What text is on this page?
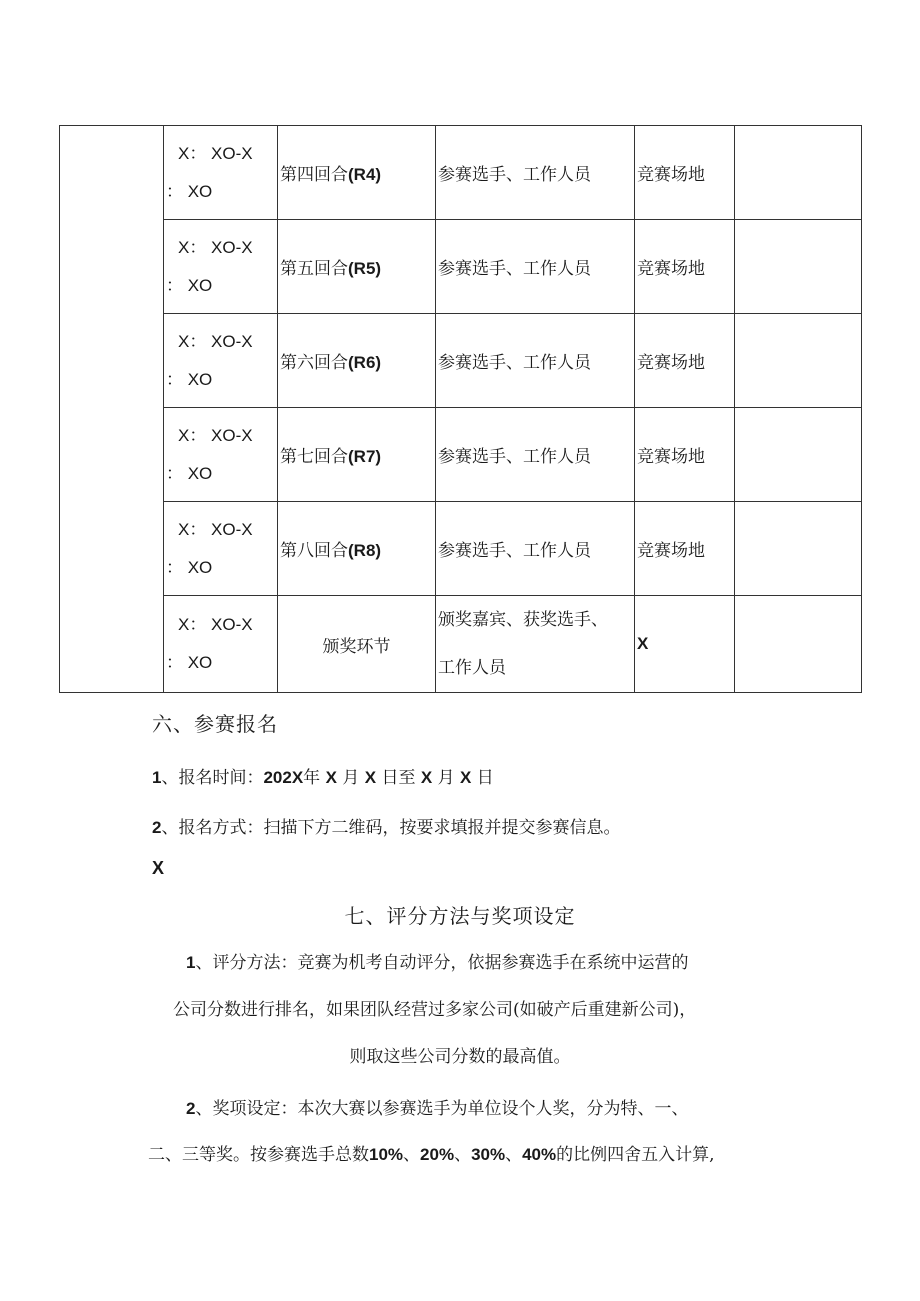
	X： XO-X
： XO	第四回合(R4)	参赛选手、工作人员	竞赛场地	

	X： XO-X
： XO	第五回合(R5)	参赛选手、工作人员	竞赛场地	

	X： XO-X
： XO	第六回合(R6)	参赛选手、工作人员	竞赛场地	

	X： XO-X
： XO	第七回合(R7)	参赛选手、工作人员	竞赛场地	

	X： XO-X
： XO	第八回合(R8)	参赛选手、工作人员	竞赛场地	

	X： XO-X
： XO	颁奖环节	颁奖嘉宾、获奖选手、
工作人员	X	

六、参赛报名

1、报名时间：202X年 X 月 X 日至 X 月 X 日

2、报名方式：扫描下方二维码，按要求填报并提交参赛信息。

X

七、评分方法与奖项设定

1、评分方法：竞赛为机考自动评分，依据参赛选手在系统中运营的

公司分数进行排名，如果团队经营过多家公司(如破产后重建新公司)，

则取这些公司分数的最高值。

2、奖项设定：本次大赛以参赛选手为单位设个人奖，分为特、一、

二、三等奖。按参赛选手总数10%、20%、30%、40%的比例四舍五入计算,
